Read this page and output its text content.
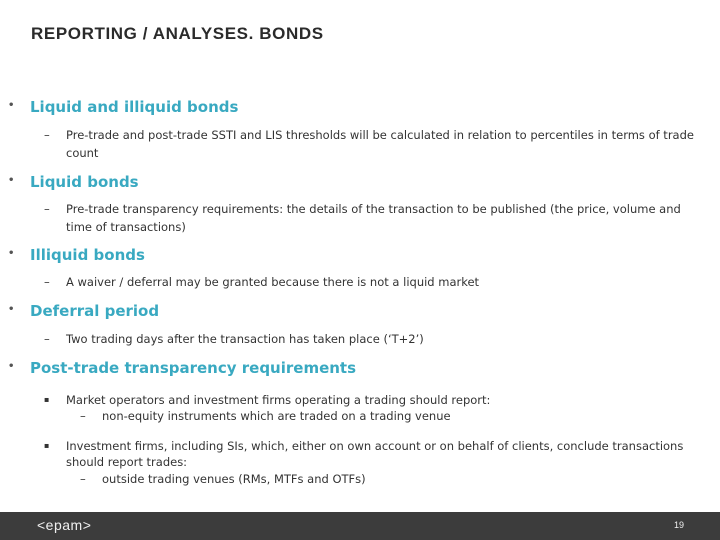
REPORTING / ANALYSES. BONDS
• Liquid and illiquid bonds
–	Pre-trade and post-trade SSTI and LIS thresholds will be calculated in relation to percentiles in terms of trade count
• Liquid bonds
–	Pre-trade transparency requirements: the details of the transaction to be published (the price, volume and time of transactions)
• Illiquid bonds
–	A waiver / deferral may be granted because there is not a liquid market
• Deferral period
–	Two trading days after the transaction has taken place (‘T+2’)
• Post-trade transparency requirements
▪ Market operators and investment firms operating a trading should report:
– non-equity instruments which are traded on a trading venue
▪ Investment firms, including SIs, which, either on own account or on behalf of clients, conclude transactions should report trades:
– outside trading venues (RMs, MTFs and OTFs)
<epam>	19
